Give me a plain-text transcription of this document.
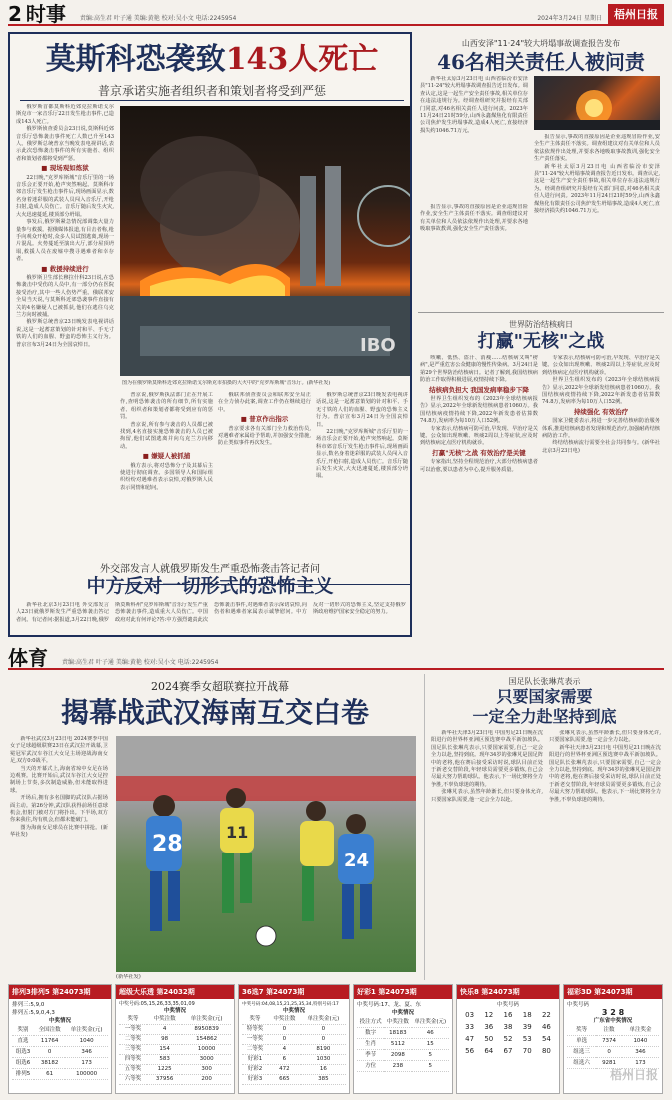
2 时事 责编:高生君 叶子通 美编:黄艳 校对:吴小文 电话:2245954	2024年3月24日 星期日	梧州日报
莫斯科恐袭致143人死亡
普京承诺实施者组织者和策划者将受到严惩

俄罗斯首都莫斯科近郊克拉斯诺戈尔斯克市一家音乐厅22日发生枪击事件,已造成143人死亡。

俄罗斯侦查委员会23日说,莫斯科近郊音乐厅恐怖袭击事件死亡人数已升至143人。俄罗斯总统普京当晚发表电视讲话,表示此次恐怖袭击事件的所有实施者、组织者和策划者都将受到严惩。

■ 现场观如炼狱

22日晚,"克罗库斯城"音乐厅里的一场音乐会正要开始,枪声突然响起。莫斯科市郊音乐厅发生枪击事件后,现场画面显示,数名身着迷彩服的武装人员闯入音乐厅,开枪扫射,造成人员伤亡。音乐厅随后发生火灾,大火迅速蔓延,楼顶部分坍塌。

事发后,俄罗斯紧急情况部调集大量力量参与救援。据俄媒体报道,有目击者称,枪手向观众开枪时,众多人员试图逃离,现场一片混乱。火势蔓延至演出大厅,部分屋顶坍塌,救援人员在废墟中搜寻遇难者和幸存者。

■ 救援持续进行

俄罗斯卫生部长穆拉什科23日说,在恐怖袭击中受伤的人员中,有一部分仍在医院接受治疗,其中一些人伤势严重。俄联邦安全局当天说,与莫斯科近郊恐袭事件直接有关的4名嫌疑人已被抓获,他们在逃往乌克兰方向时被捕。

俄罗斯总统普京23日晚发表电视讲话说,这是一起蓄意策划的针对和平、手无寸铁的人们的血腥、野蛮的恐怖主义行为。普京宣布3月24日为全国哀悼日。	IBO
图为在俄罗斯莫斯科近郊克拉斯诺戈尔斯克市拍摄的大火中的"克罗库斯城"音乐厅。(新华社发)

普京说,俄罗斯执法部门正在开展工作,查明恐怖袭击的所有细节,所有实施者、组织者和策划者都将受到应有的惩罚。

普京说,所有参与袭击的人员都已被找到,4名直接实施恐怖袭击的人员已被拘留,他们试图逃离并向乌克兰方向移动。

■ 嫌疑人被抓捕

俄方表示,将对恐怖分子及其幕后主使进行彻底调查。多国领导人和国际组织纷纷对遇难者表示哀悼,对俄罗斯人民表示同情和慰问。

俄联邦侦查委员会和联邦安全局正在全力侦办此案,调查工作仍在继续进行中。

■ 普京作出指示

普京要求各有关部门全力救治伤员,对遇难者家属给予帮助,并加强安全措施,防止类似事件再次发生。

俄罗斯总统普京23日晚发表电视讲话说,这是一起蓄意策划的针对和平、手无寸铁的人们的血腥、野蛮的恐怖主义行为。普京宣布3月24日为全国哀悼日。

22日晚,"克罗库斯城"音乐厅里的一场音乐会正要开始,枪声突然响起。莫斯科市郊音乐厅发生枪击事件后,现场画面显示,数名身着迷彩服的武装人员闯入音乐厅,开枪扫射,造成人员伤亡。音乐厅随后发生火灾,大火迅速蔓延,楼顶部分坍塌。

外交部发言人就俄罗斯发生严重恐怖袭击答记者问
中方反对一切形式的恐怖主义

新华社北京3月23日电 外交部发言人23日就俄罗斯发生严重恐怖袭击答记者问。有记者问:据报道,3月22日晚,俄罗斯莫斯科州"克罗库斯城"音乐厅发生严重恐怖袭击事件,造成重大人员伤亡。中国政府对此有何评论?答:中方强烈谴责此次恐怖袭击事件,对遇难者表示深切哀悼,向伤者和遇难者家属表示诚挚慰问。中方反对一切形式的恐怖主义,坚定支持俄罗斯政府维护国家安全稳定的努力。

山西安泽"11·24"较大坍塌事故调查报告发布
46名相关责任人被问责

新华社太原3月23日电 山西省临汾市安泽县"11·24"较大坍塌事故调查报告近日发布。调查认定,这是一起生产安全责任事故,相关单位存在违法违规行为。经调查组研究并报经有关部门同意,对46名相关责任人进行问责。2023年11月24日21时59分,山西永鑫煤焦化有限责任公司焦炉发生坍塌事故,造成4人死亡,直接经济损失约1046.71万元。

报告显示,事故的直接原因是企业违规冒险作业,安全生产主体责任不落实。调查组建议对有关单位和人员依法依规作出处理,并要求各地吸取事故教训,强化安全生产责任落实。

新华社太原3月23日电 山西省临汾市安泽县"11·24"较大坍塌事故调查报告近日发布。调查认定,这是一起生产安全责任事故,相关单位存在违法违规行为。经调查组研究并报经有关部门同意,对46名相关责任人进行问责。2023年11月24日21时59分,山西永鑫煤焦化有限责任公司焦炉发生坍塌事故,造成4人死亡,直接经济损失约1046.71万元。

报告显示,事故的直接原因是企业违规冒险作业,安全生产主体责任不落实。调查组建议对有关单位和人员依法依规作出处理,并要求各地吸取事故教训,强化安全生产责任落实。

世界防治结核病日
打赢"无核"之战

咳嗽、低热、盗汗、消瘦……结核病又叫"痨病",是严重危害公众健康的慢性传染病。3月24日是第29个世界防治结核病日。记者了解到,我国结核病防治工作取得积极进展,疫情持续下降。

结核病负担大 我国发病率稳步下降

世界卫生组织发布的《2023年全球结核病报告》显示,2022年全球新发结核病患者1060万。我国结核病疫情持续下降,2022年新发患者估算数74.8万,发病率为每10万人口52例。

专家表示,结核病可防可治,早发现、早治疗是关键。公众如出现咳嗽、咳痰2周以上等症状,应及时到结核病定点医疗机构就诊。

打赢"无核"之战 有效治疗是关键

专家指出,坚持全程规范治疗,大部分结核病患者可以治愈,要以患者为中心,提升服务质量。

专家表示,结核病可防可治,早发现、早治疗是关键。公众如出现咳嗽、咳痰2周以上等症状,应及时到结核病定点医疗机构就诊。

世界卫生组织发布的《2023年全球结核病报告》显示,2022年全球新发结核病患者1060万。我国结核病疫情持续下降,2022年新发患者估算数74.8万,发病率为每10万人口52例。

持续强化 有效治疗

国家卫健委表示,将进一步完善结核病防治服务体系,推进结核病患者发现和规范治疗,加强耐药结核病防治工作。

终结结核病流行需要全社会共同参与。(新华社北京3月23日电)

体育 责编:高生君 叶子通 美编:黄艳 校对:吴小文 电话:2245954
2024赛季女超联赛拉开战幕
揭幕战武汉海南互交白卷

新华社武汉3月23日电 2024赛季中国女子足球超级联赛23日在武汉拉开战幕,卫冕冠军武汉车谷江大女足主场迎战海南女足,双方0:0战平。

当天的开幕式上,海南省琼中女足在场边观赛。比赛开始后,武汉车谷江大女足控制场上节奏,多次制造威胁,但未能取得进球。

开场后,拥有多名国脚的武汉队占据场面主动。第26分钟,武汉队获得前场任意球机会,但射门被对方门将扑出。下半场,双方你来我往,均有机会,但都未能破门。

图为海南女足球员在比赛中拼抢。(新华社发)	28	11
24
(新华社发)
国足队长张琳芃表示
只要国家需要
一定全力赴坚持到底

新华社天津3月23日电 中国男足21日晚在沈阳进行的世界杯亚洲区预选赛中战平新加坡队。国足队长张琳芃表示,只要国家需要,自己一定会全力以赴,坚持到底。现年34岁的张琳芃是国足阵中的老将,他在赛后接受采访时说,球队目前正处于新老交替阶段,年轻球员需要更多锻炼,自己会尽最大努力帮助球队。他表示,下一场比赛将全力争胜,不辜负球迷的期待。

张琳芃表示,虽然年龄渐长,但只要身体允许,只要国家队需要,他一定会全力以赴。

张琳芃表示,虽然年龄渐长,但只要身体允许,只要国家队需要,他一定会全力以赴。

新华社天津3月23日电 中国男足21日晚在沈阳进行的世界杯亚洲区预选赛中战平新加坡队。国足队长张琳芃表示,只要国家需要,自己一定会全力以赴,坚持到底。现年34岁的张琳芃是国足阵中的老将,他在赛后接受采访时说,球队目前正处于新老交替阶段,年轻球员需要更多锻炼,自己会尽最大努力帮助球队。他表示,下一场比赛将全力争胜,不辜负球迷的期待。

排列3排列5 第24073期
排列三:5,9,0
排列五:5,9,0,4,3
中奖情况
奖别	全国注数	单注奖金(元)
直选	11764	1040
组选3	0	346
组选6	38182	173
排列5	61	100000
超级大乐透 第24032期
中奖号码:05,15,26,33,35,01,09
中奖情况
奖等	中奖注数	单注奖金(元)
一等奖	4	8950839
二等奖	98	154862
三等奖	154	10000
四等奖	583	3000
五等奖	1225	300
六等奖	37956	200
36选7 第24073期
中奖号码:04,08,15,21,25,35,34,特别号码:17
中奖情况
奖等	中奖注数	单注奖金(元)
特等奖	0	0
一等奖	0	0
二等奖	4	8190
好彩1	6	1030
好彩2	472	16
好彩3	665	385
好彩1 第24073期
中奖号码:17、龙、夏、东
中奖情况
投注方式	中奖注数	单注奖金(元)
数字	18183	46
生肖	5112	15
季节	2098	5
方位	238	5
快乐8 第24073期
中奖号码
03	12	16	18	22
33	36	38	39	46
47	50	52	53	54
56	64	67	70	80
福彩3D 第24073期
中奖号码
3 2 8
广东省中奖情况
奖等	注数	单注奖金
单选	7374	1040
组选三	0	346
组选六	9281	173
梧州日报
